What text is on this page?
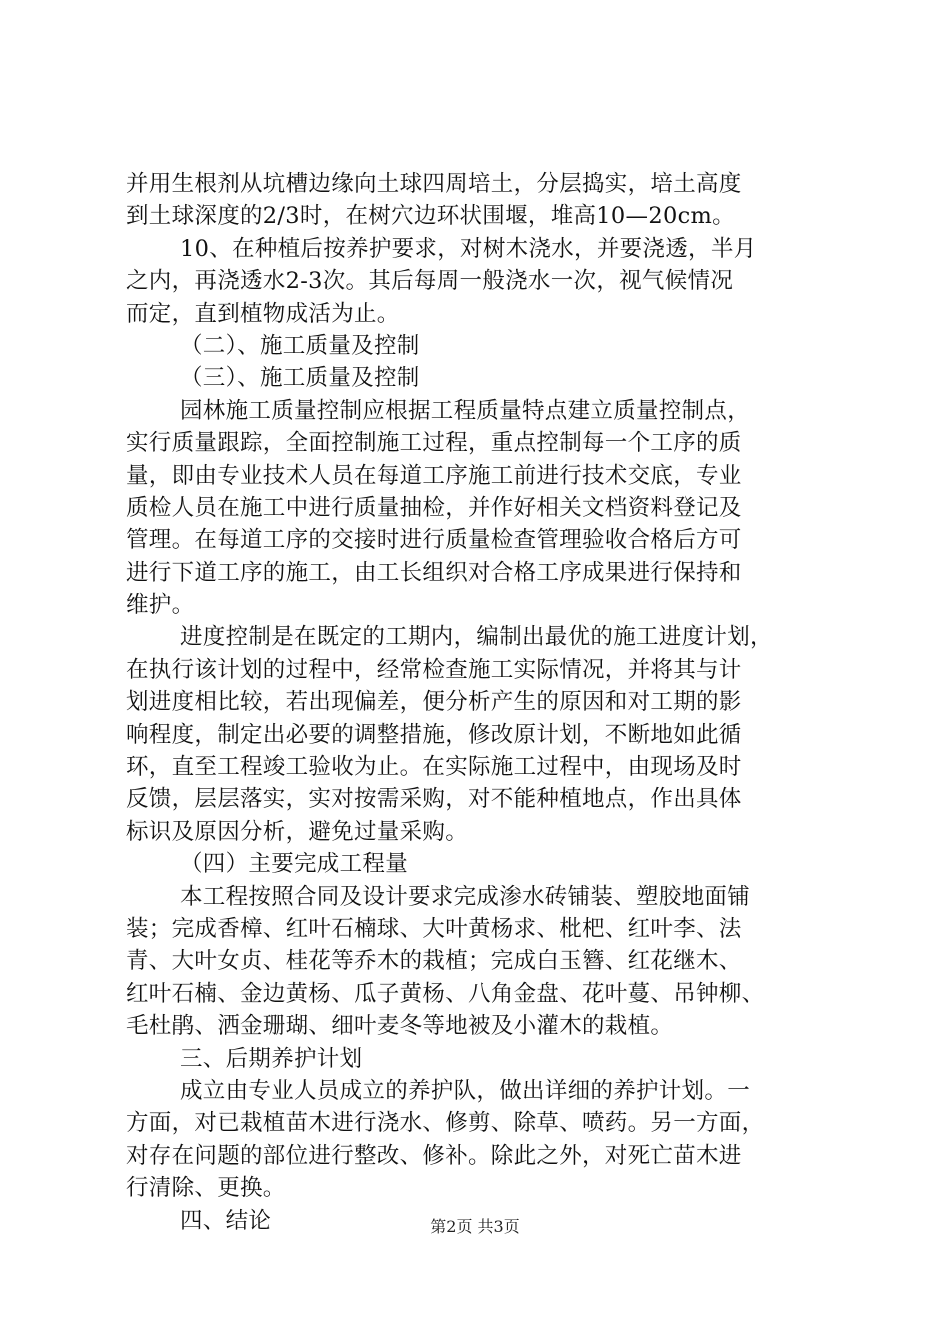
并用生根剂从坑槽边缘向土球四周培土，分层捣实，培土高度
到土球深度的2/3时，在树穴边环状围堰，堆高10—20cm。
10、在种植后按养护要求，对树木浇水，并要浇透，半月
之内，再浇透水2-3次。其后每周一般浇水一次，视气候情况
而定，直到植物成活为止。
（二）、施工质量及控制
（三）、施工质量及控制
园林施工质量控制应根据工程质量特点建立质量控制点，
实行质量跟踪，全面控制施工过程，重点控制每一个工序的质
量，即由专业技术人员在每道工序施工前进行技术交底，专业
质检人员在施工中进行质量抽检，并作好相关文档资料登记及
管理。在每道工序的交接时进行质量检查管理验收合格后方可
进行下道工序的施工，由工长组织对合格工序成果进行保持和
维护。
进度控制是在既定的工期内，编制出最优的施工进度计划，
在执行该计划的过程中，经常检查施工实际情况，并将其与计
划进度相比较，若出现偏差，便分析产生的原因和对工期的影
响程度，制定出必要的调整措施，修改原计划，不断地如此循
环，直至工程竣工验收为止。在实际施工过程中，由现场及时
反馈，层层落实，实对按需采购，对不能种植地点，作出具体
标识及原因分析，避免过量采购。
（四）主要完成工程量
本工程按照合同及设计要求完成渗水砖铺装、塑胶地面铺
装；完成香樟、红叶石楠球、大叶黄杨求、枇杷、红叶李、法
青、大叶女贞、桂花等乔木的栽植；完成白玉簪、红花继木、
红叶石楠、金边黄杨、瓜子黄杨、八角金盘、花叶蔓、吊钟柳、
毛杜鹃、洒金珊瑚、细叶麦冬等地被及小灌木的栽植。
三、后期养护计划
成立由专业人员成立的养护队，做出详细的养护计划。一
方面，对已栽植苗木进行浇水、修剪、除草、喷药。另一方面，
对存在问题的部位进行整改、修补。除此之外，对死亡苗木进
行清除、更换。
四、结论	第2页 共3页
